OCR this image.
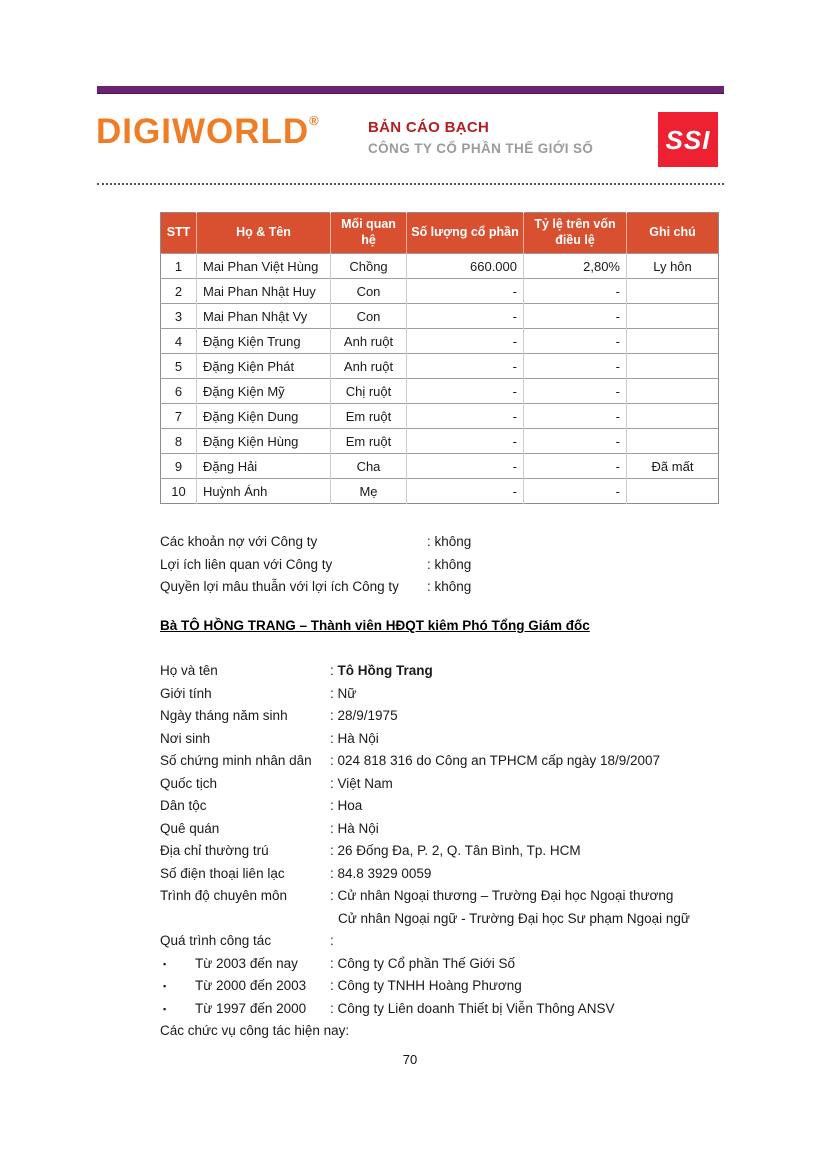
DIGIWORLD®	BẢN CÁO BẠCH
CÔNG TY CỔ PHẦN THẾ GIỚI SỐ	SSI
STT	Họ & Tên	Mối quan hệ	Số lượng cổ phần	Tỷ lệ trên vốn điều lệ	Ghi chú
1	Mai Phan Việt Hùng	Chồng	660.000	2,80%	Ly hôn
2	Mai Phan Nhật Huy	Con	-	-	
3	Mai Phan Nhật Vy	Con	-	-	
4	Đặng Kiện Trung	Anh ruột	-	-	
5	Đặng Kiện Phát	Anh ruột	-	-	
6	Đặng Kiện Mỹ	Chị ruột	-	-	
7	Đặng Kiện Dung	Em ruột	-	-	
8	Đặng Kiện Hùng	Em ruột	-	-	
9	Đặng Hải	Cha	-	-	Đã mất
10	Huỳnh Ánh	Mẹ	-	-	
Các khoản nợ với Công ty	: không
Lợi ích liên quan với Công ty	: không
Quyền lợi mâu thuẫn với lợi ích Công ty	: không
Bà TÔ HỒNG TRANG – Thành viên HĐQT kiêm Phó Tổng Giám đốc
Họ và tên	: Tô Hồng Trang
Giới tính	: Nữ
Ngày tháng năm sinh	: 28/9/1975
Nơi sinh	: Hà Nội
Số chứng minh nhân dân	: 024 818 316 do Công an TPHCM cấp ngày 18/9/2007
Quốc tịch	: Việt Nam
Dân tộc	: Hoa
Quê quán	: Hà Nội
Địa chỉ thường trú	: 26 Đống Đa, P. 2, Q. Tân Bình, Tp. HCM
Số điện thoại liên lạc	: 84.8 3929 0059
Trình độ chuyên môn	: Cử nhân Ngoại thương – Trường Đại học Ngoại thương
Cử nhân Ngoại ngữ - Trường Đại học Sư phạm Ngoại ngữ
Quá trình công tác	:
▪	Từ 2003 đến nay	: Công ty Cổ phần Thế Giới Số
▪	Từ 2000 đến 2003	: Công ty TNHH Hoàng Phương
▪	Từ 1997 đến 2000	: Công ty Liên doanh Thiết bị Viễn Thông ANSV
Các chức vụ công tác hiện nay:
70
